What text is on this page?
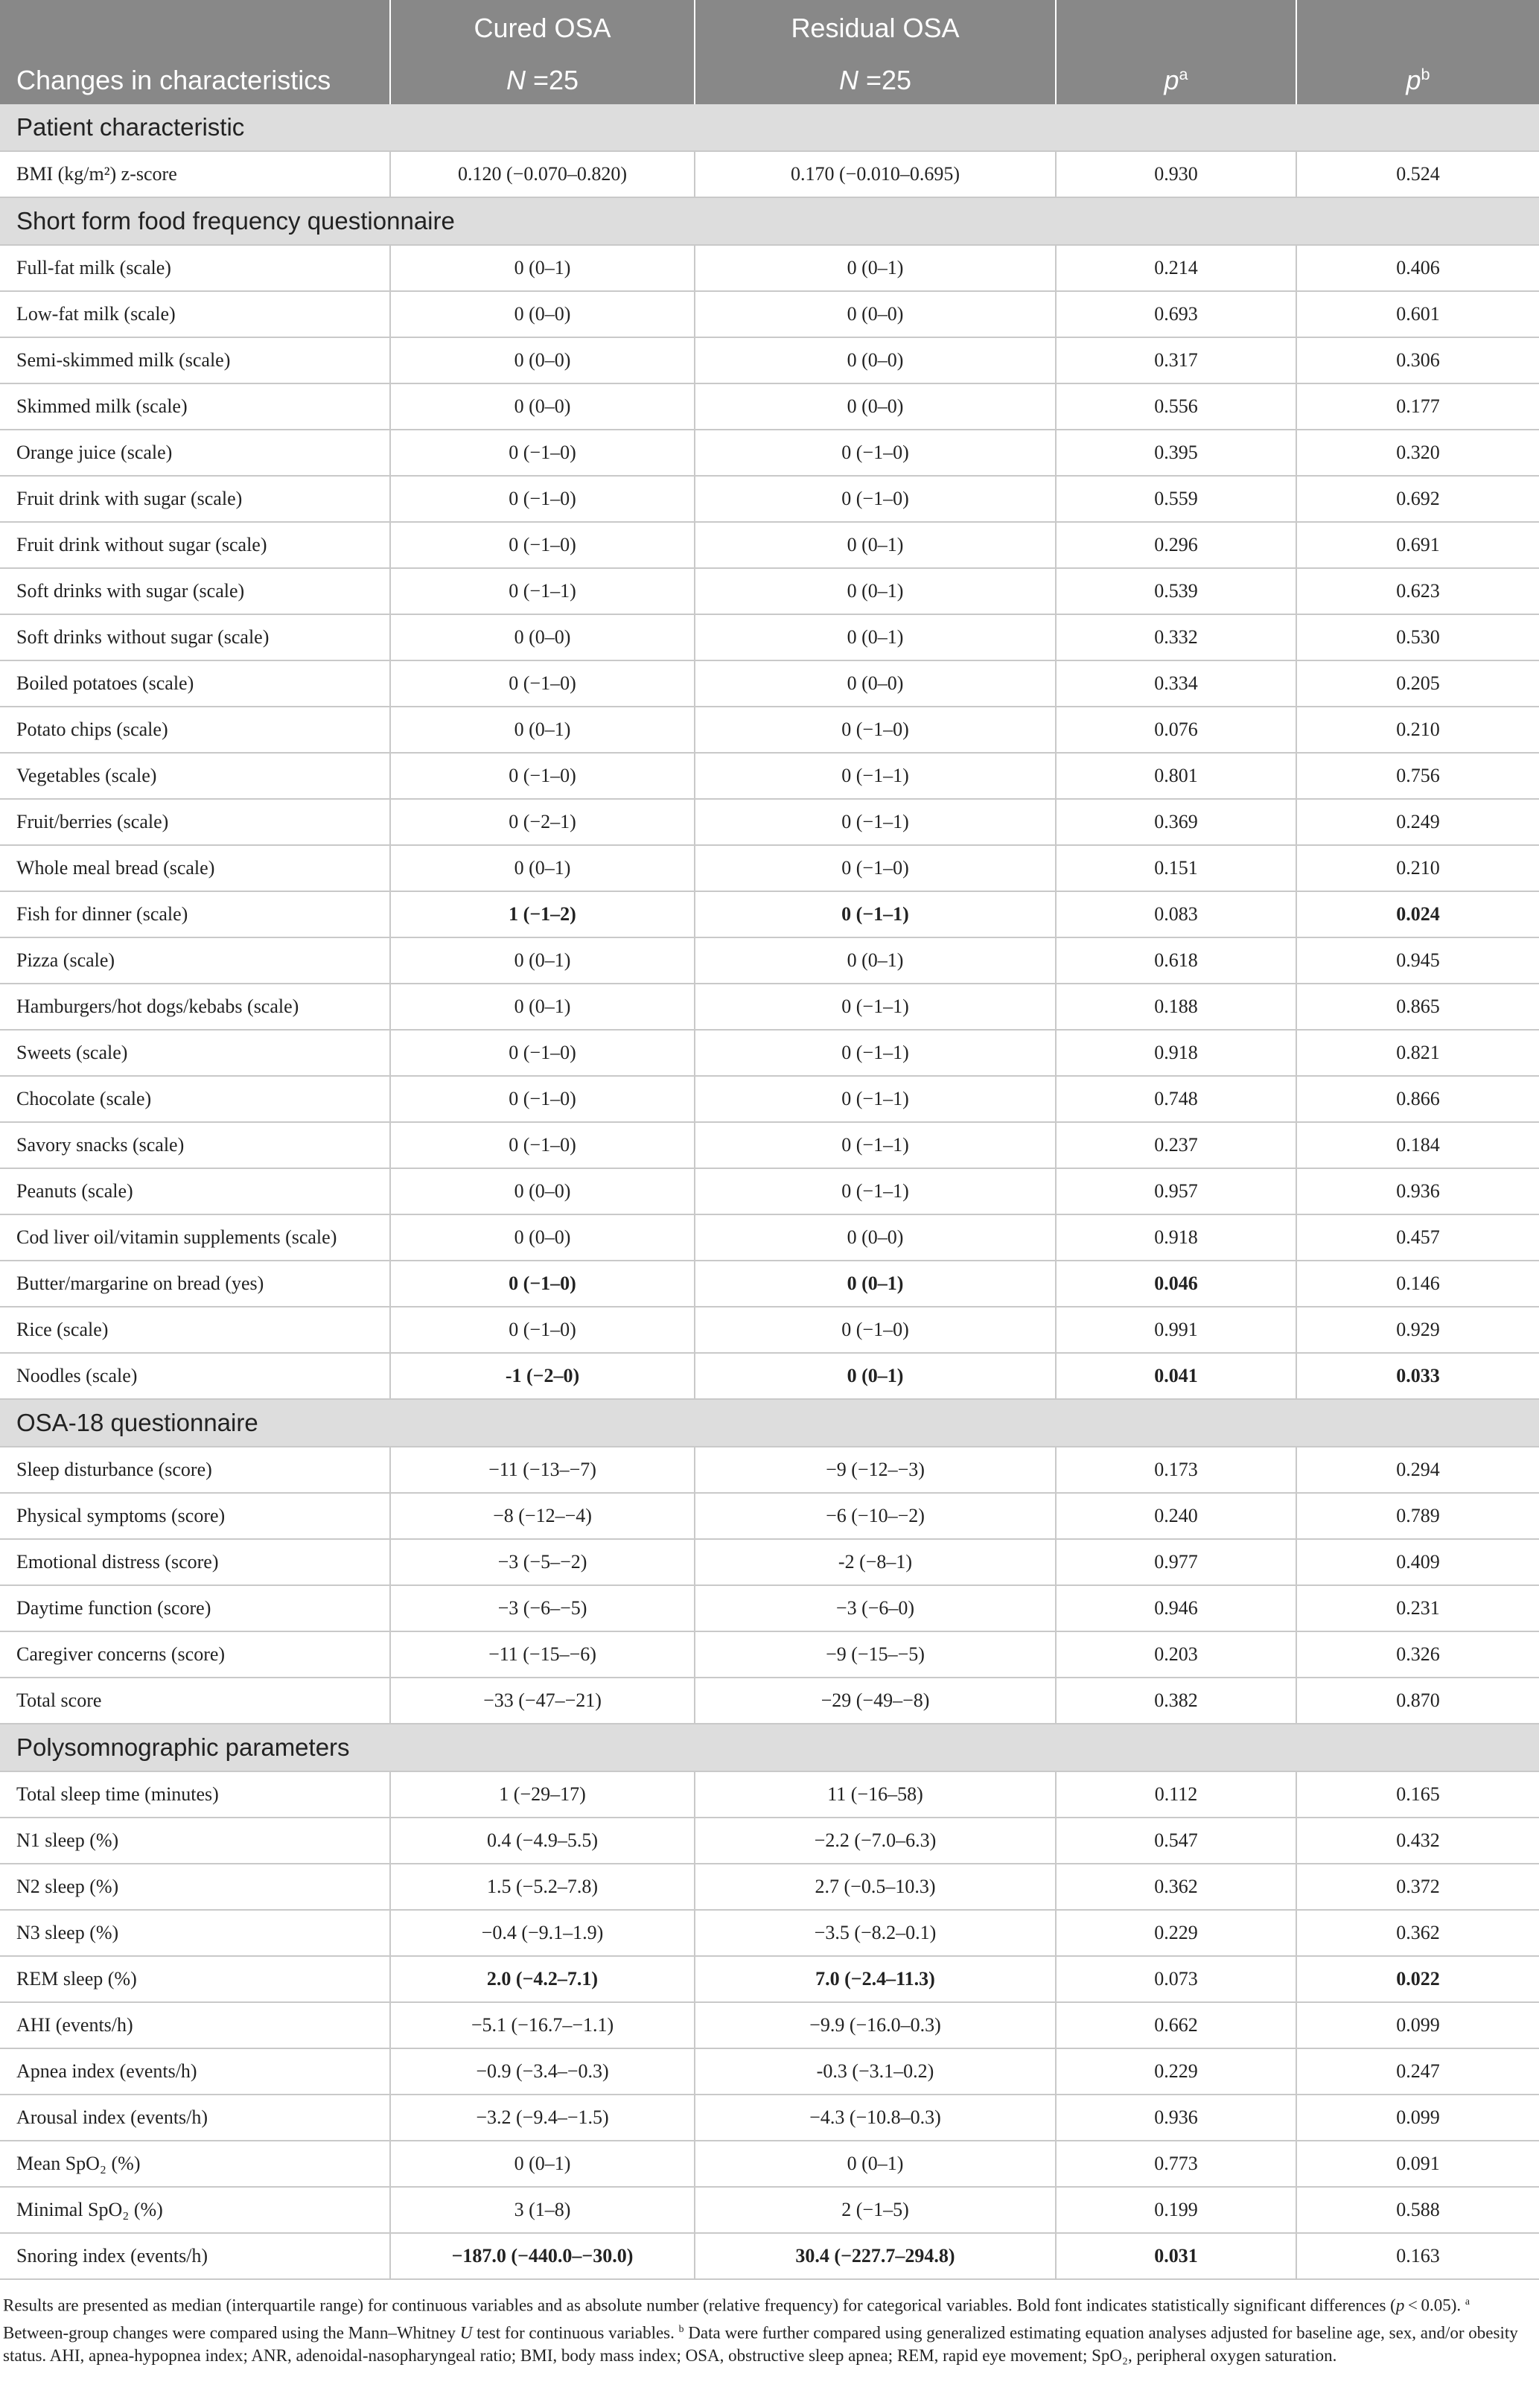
	Cured OSA	Residual OSA		
Changes in characteristics	N =25	N =25	$p^a$	$p^b$
Patient characteristic				
BMI (kg/m²) z-score	0.120 (−0.070–0.820)	0.170 (−0.010–0.695)	0.930	0.524
Short form food frequency questionnaire				
Full-fat milk (scale)	0 (0–1)	0 (0–1)	0.214	0.406
Low-fat milk (scale)	0 (0–0)	0 (0–0)	0.693	0.601
Semi-skimmed milk (scale)	0 (0–0)	0 (0–0)	0.317	0.306
Skimmed milk (scale)	0 (0–0)	0 (0–0)	0.556	0.177
Orange juice (scale)	0 (−1–0)	0 (−1–0)	0.395	0.320
Fruit drink with sugar (scale)	0 (−1–0)	0 (−1–0)	0.559	0.692
Fruit drink without sugar (scale)	0 (−1–0)	0 (0–1)	0.296	0.691
Soft drinks with sugar (scale)	0 (−1–1)	0 (0–1)	0.539	0.623
Soft drinks without sugar (scale)	0 (0–0)	0 (0–1)	0.332	0.530
Boiled potatoes (scale)	0 (−1–0)	0 (0–0)	0.334	0.205
Potato chips (scale)	0 (0–1)	0 (−1–0)	0.076	0.210
Vegetables (scale)	0 (−1–0)	0 (−1–1)	0.801	0.756
Fruit/berries (scale)	0 (−2–1)	0 (−1–1)	0.369	0.249
Whole meal bread (scale)	0 (0–1)	0 (−1–0)	0.151	0.210
Fish for dinner (scale)	1 (−1–2)	0 (−1–1)	0.083	0.024
Pizza (scale)	0 (0–1)	0 (0–1)	0.618	0.945
Hamburgers/hot dogs/kebabs (scale)	0 (0–1)	0 (−1–1)	0.188	0.865
Sweets (scale)	0 (−1–0)	0 (−1–1)	0.918	0.821
Chocolate (scale)	0 (−1–0)	0 (−1–1)	0.748	0.866
Savory snacks (scale)	0 (−1–0)	0 (−1–1)	0.237	0.184
Peanuts (scale)	0 (0–0)	0 (−1–1)	0.957	0.936
Cod liver oil/vitamin supplements (scale)	0 (0–0)	0 (0–0)	0.918	0.457
Butter/margarine on bread (yes)	0 (−1–0)	0 (0–1)	0.046	0.146
Rice (scale)	0 (−1–0)	0 (−1–0)	0.991	0.929
Noodles (scale)	-1 (−2–0)	0 (0–1)	0.041	0.033
OSA-18 questionnaire				
Sleep disturbance (score)	−11 (−13–−7)	−9 (−12–−3)	0.173	0.294
Physical symptoms (score)	−8 (−12–−4)	−6 (−10–−2)	0.240	0.789
Emotional distress (score)	−3 (−5–−2)	-2 (−8–1)	0.977	0.409
Daytime function (score)	−3 (−6–−5)	−3 (−6–0)	0.946	0.231
Caregiver concerns (score)	−11 (−15–−6)	−9 (−15–−5)	0.203	0.326
Total score	−33 (−47–−21)	−29 (−49–−8)	0.382	0.870
Polysomnographic parameters				
Total sleep time (minutes)	1 (−29–17)	11 (−16–58)	0.112	0.165
N1 sleep (%)	0.4 (−4.9–5.5)	−2.2 (−7.0–6.3)	0.547	0.432
N2 sleep (%)	1.5 (−5.2–7.8)	2.7 (−0.5–10.3)	0.362	0.372
N3 sleep (%)	−0.4 (−9.1–1.9)	−3.5 (−8.2–0.1)	0.229	0.362
REM sleep (%)	2.0 (−4.2–7.1)	7.0 (−2.4–11.3)	0.073	0.022
AHI (events/h)	−5.1 (−16.7–−1.1)	−9.9 (−16.0–0.3)	0.662	0.099
Apnea index (events/h)	−0.9 (−3.4–−0.3)	-0.3 (−3.1–0.2)	0.229	0.247
Arousal index (events/h)	−3.2 (−9.4–−1.5)	−4.3 (−10.8–0.3)	0.936	0.099
Mean SpO₂ (%)	0 (0–1)	0 (0–1)	0.773	0.091
Minimal SpO₂ (%)	3 (1–8)	2 (−1–5)	0.199	0.588
Snoring index (events/h)	−187.0 (−440.0–−30.0)	30.4 (−227.7–294.8)	0.031	0.163
Results are presented as median (interquartile range) for continuous variables and as absolute number (relative frequency) for categorical variables. Bold font indicates statistically significant differences (p < 0.05). $^a$ Between-group changes were compared using the Mann–Whitney U test for continuous variables. $^b$ Data were further compared using generalized estimating equation analyses adjusted for baseline age, sex, and/or obesity status. AHI, apnea-hypopnea index; ANR, adenoidal-nasopharyngeal ratio; BMI, body mass index; OSA, obstructive sleep apnea; REM, rapid eye movement; SpO₂, peripheral oxygen saturation.
